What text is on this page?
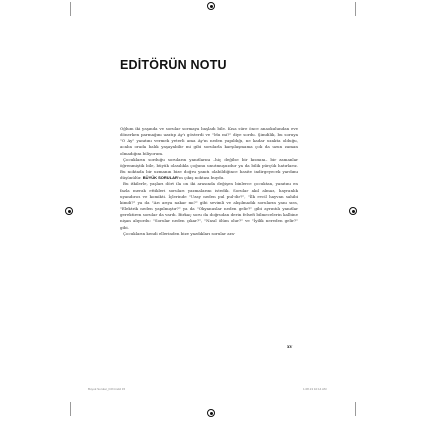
EDİTÖRÜN NOTU

Oğlum iki yaşında ve sorular sormaya başladı bile. Kısa süre önce anaokulundan eve dönerken parmağını uzatıp Ay'ı gösterdi ve "Mu mi?" diye sordu. Şimdilik, bu soruya "O Ay" yanıtını vermek yeterli ama Ay'ın neden yapıldığı, ne kadar uzakta olduğu, acaba orada balık yaşayabilir mi gibi sorularla karşılaşmama çok da uzun zaman olmadığını biliyorum.

Çocukların sorduğu soruların yanıtlarını –hiç değilse bir kısmını– bir zamanlar öğrenmiştik bile, büyük olasılıkla çoğunu unutmuşuzdur ya da bilik pürçük hatırlarız. Bu noktada bir uzmanın bize doğru yanıtı olabildiğince basite indirgeyecek yardımı düşünülür. BÜYÜK SORULAR'ın çıkış noktası buydu.

Bu itkilerle, yaşları dört ila on iki arasında değişen binlerce çocuktan, yanıtını en fazla merak ettikleri soruları yazmalarını istedik. Sorular akıl almaz, hayranlık uyandırıcı ve komikti. İçlerinde "Uzay neden pul pul-dir?", "İlk evcil hayvan sahibi kimdi?" ya da "Arı arıya nakar mı?" gibi sevimli ve alışılmadık soruların yanı sıra, "Elektrik neden yapılmıştır?" ya da "Okyanuslar neden gelir?" gibi ayrıntılı yanıtlar gerektiren sorular da vardı. Birkaç soru da doğrudan derin felsefi bilmecelerin kalbine nişan alıyordu: "Sorular neden çıkar?", "Nasıl ölüm olur?" ve "İyilik nereden gelir?" gibi.

Çocukların kendi ellerinden bize yazdıkları sorular ara-

xv
Buyuk Sorular_ICIN.indd 15	1.08.13 10:14 AM
